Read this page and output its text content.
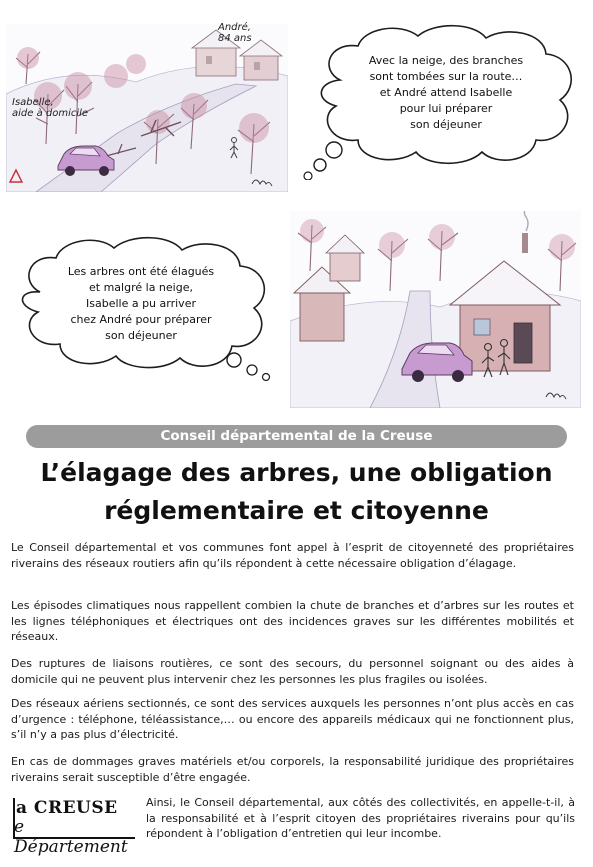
Isabelle,
aide à domicile
André,
84 ans
Avec la neige, des branches
sont tombées sur la route…
et André attend Isabelle
pour lui préparer
son déjeuner
Les arbres ont été élagués
et malgré la neige,
Isabelle a pu arriver
chez André pour préparer
son déjeuner
Conseil départemental de la Creuse
L’élagage des arbres, une obligation
réglementaire et citoyenne

Le Conseil départemental et vos communes font appel à l’esprit de citoyenneté des propriétaires riverains des réseaux routiers afin qu’ils répondent à cette nécessaire obligation d’élagage.

Les épisodes climatiques nous rappellent combien la chute de branches et d’arbres sur les routes et les lignes téléphoniques et électriques ont des incidences graves sur les différentes mobilités et réseaux.

Des ruptures de liaisons routières, ce sont des secours, du personnel soignant ou des aides à domicile qui ne peuvent plus intervenir chez les personnes les plus fragiles ou isolées.

Des réseaux aériens sectionnés, ce sont des services auxquels les personnes n’ont plus accès en cas d’urgence : téléphone, téléassistance,… ou encore des appareils médicaux qui ne fonctionnent plus, s’il n’y a pas plus d’électricité.

En cas de dommages graves matériels et/ou corporels, la responsabilité juridique des propriétaires riverains serait susceptible d’être engagée.

a CREUSE
e Département

Ainsi, le Conseil départemental, aux côtés des collectivités, en appelle-t-il, à la responsabilité et à l’esprit citoyen des propriétaires riverains pour qu’ils répondent à l’obligation d’entretien qui leur incombe.
